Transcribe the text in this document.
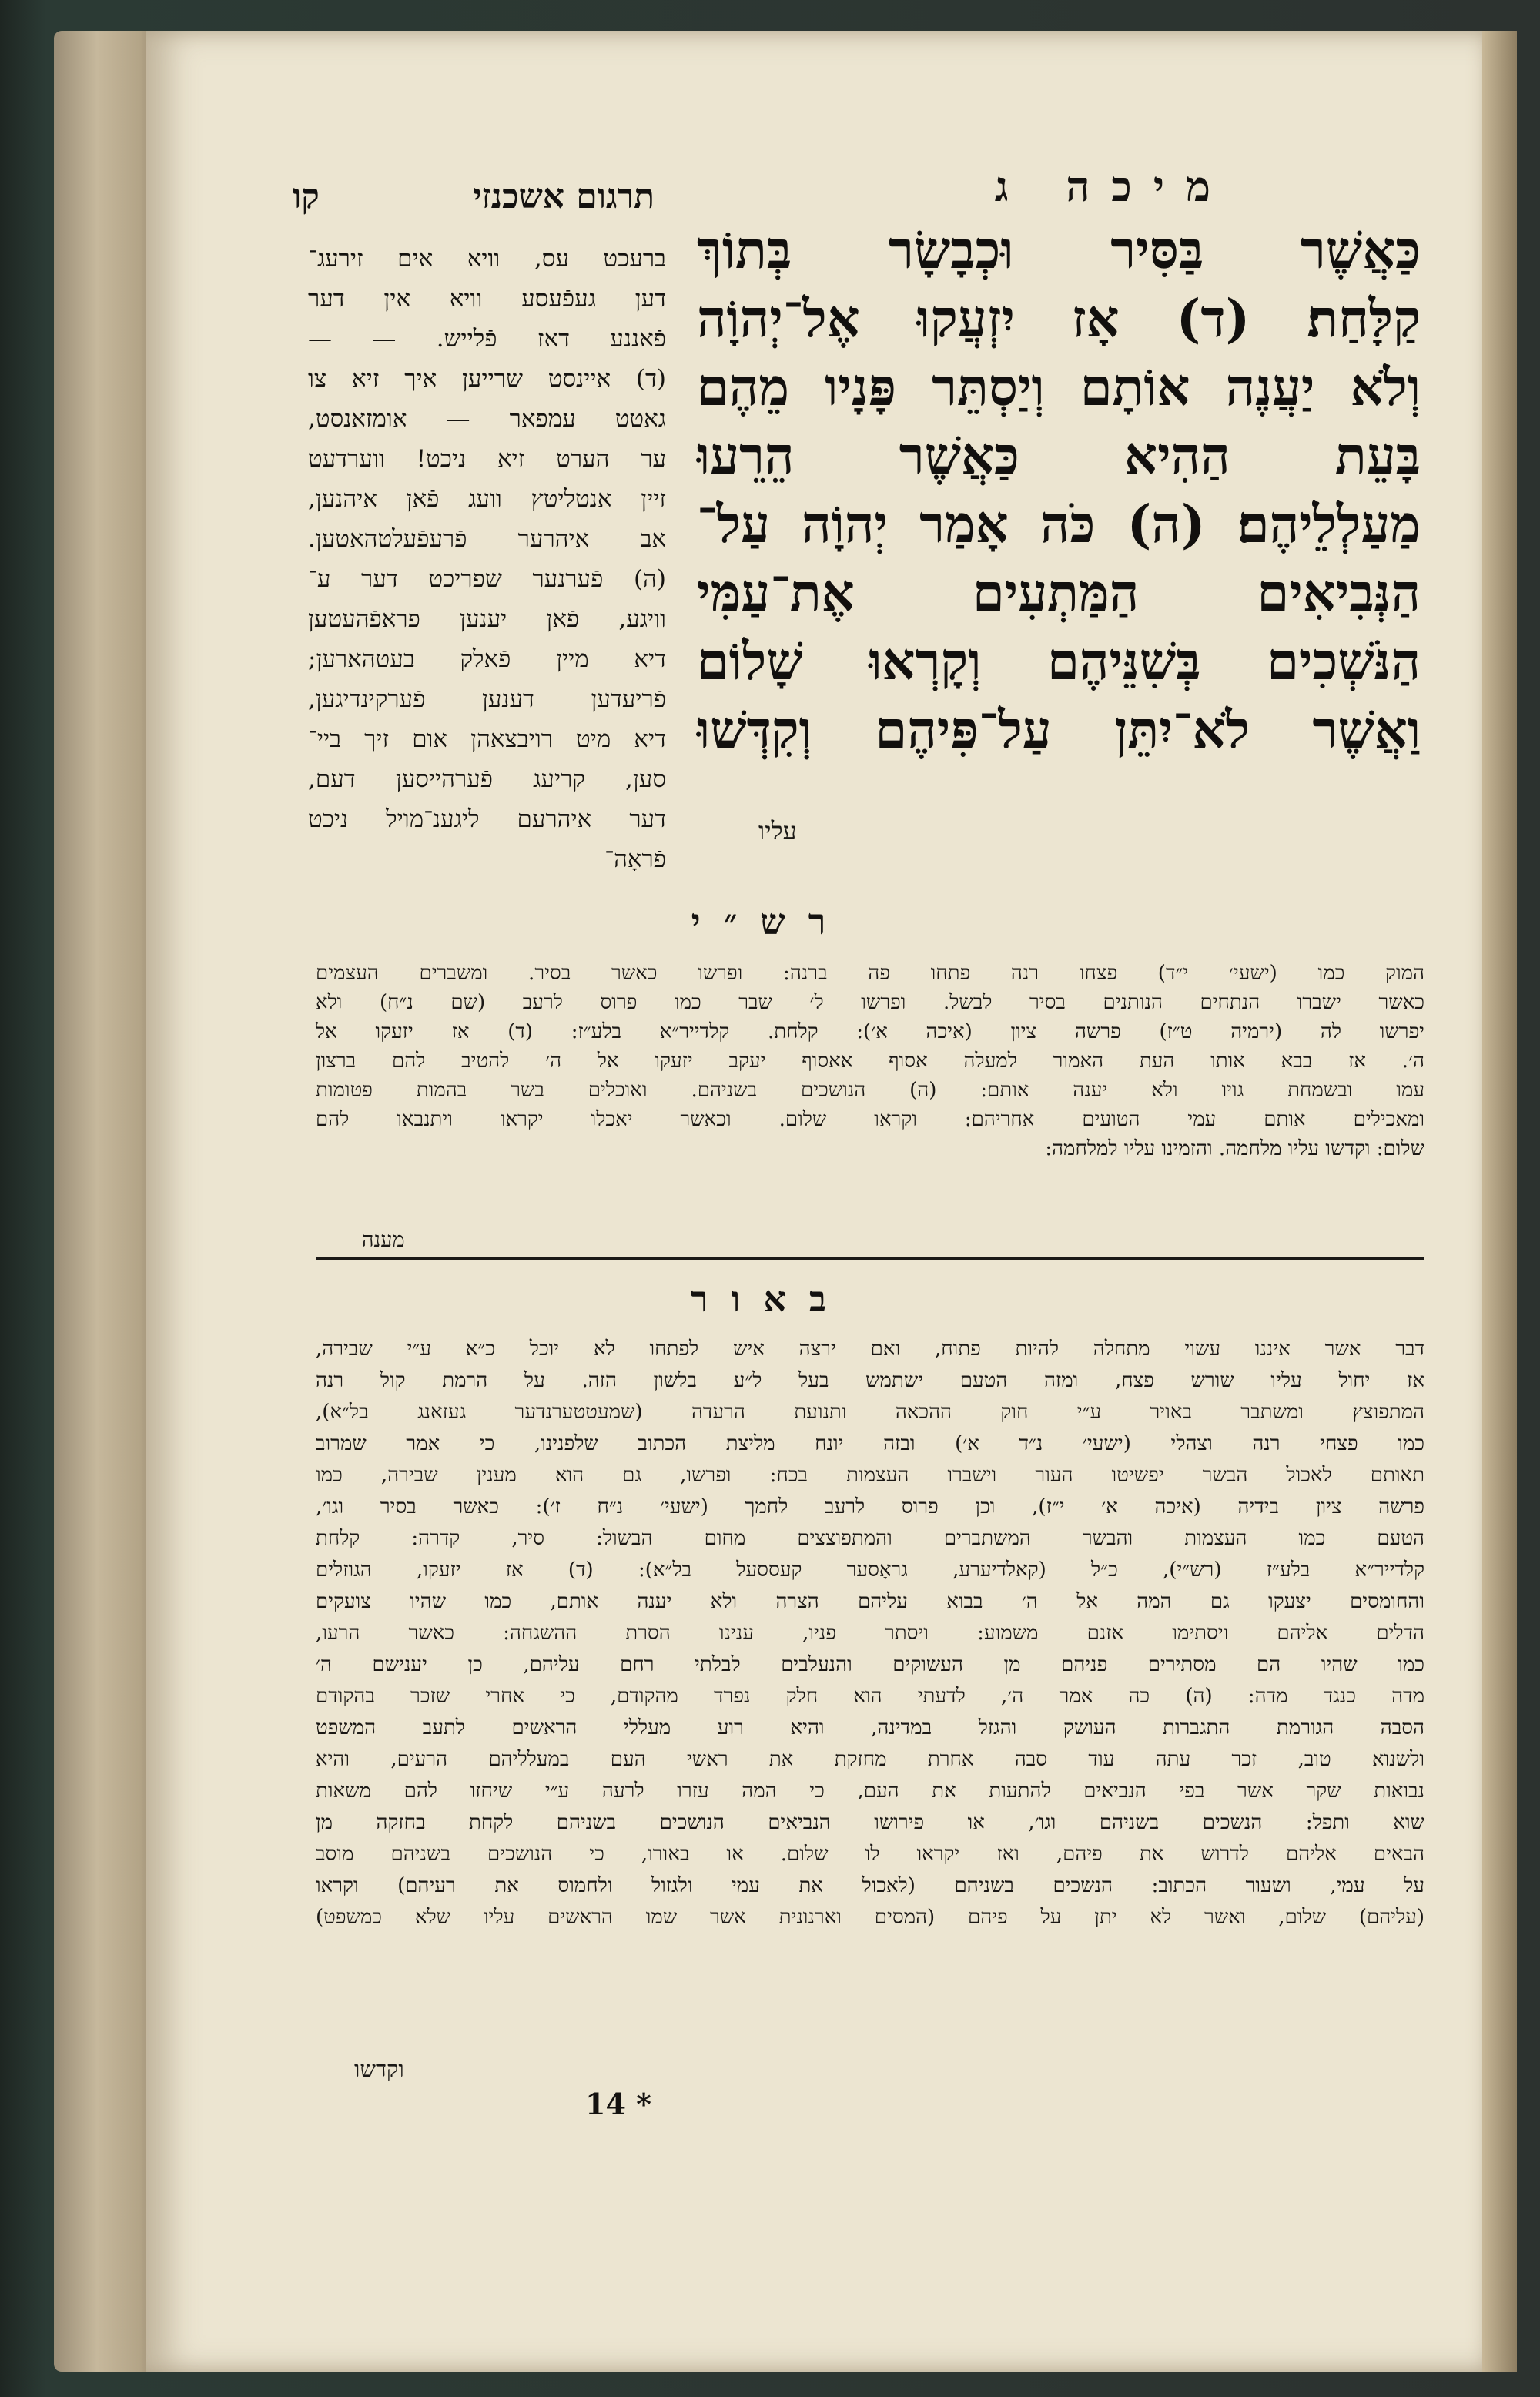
מיכה ג
תרגום אשכנזי
קו
כַּאֲשֶׁר בַּסִּיר וּכְבָשָׂר בְּתוֹךְ
קַלָּחַת׃ (ד) אָז יִזְעֲקוּ אֶל־יְהוָֹה
וְלֹא יַעֲנֶה אוֹתָם וְיַסְתֵּר פָּנָיו מֵהֶם
בָּעֵת הַהִיא כַּאֲשֶׁר הֵרֵעוּ
מַעַלְלֵיהֶם׃ (ה) כֹּה אָמַר יְהוָֹה עַל־
הַנְּבִיאִים הַמַּתְעִים אֶת־עַמִּי
הַנֹּשְׁכִים בְּשִׁנֵּיהֶם וְקָרְאוּ שָׁלוֹם
וַאֲשֶׁר לֹא־יִתֵּן עַל־פִּיהֶם וְקִדְּשׁוּ
עליו
ברעכט עס, וויא אים זירעג־
דען געפֿעסע וויא אין דער
פֿאננע דאז פֿלייש. — —
(ד) איינסט שרייען איך זיא צו
גאטט עמפאר — אומזאנסט,
ער הערט זיא ניכט! ווערדעט
זיין אנטליטץ וועג פֿאן איהנען,
אב איהרער פֿרעפֿעלטהאטען.
(ה) פֿערנער שפריכט דער ע־
וויגע, פֿאן יענען פראפֿהעטען
דיא מיין פֿאלק בעטהארען;
פֿריעדען דענען פֿערקינדיגען,
דיא מיט רויבצאהן אום זיך ביי־
סען, קריעג פֿערהייסען דעם,
דער איהרעם ליגענ־מויל ניכט
פֿראָה־
רש״י
המוק כמו (ישעי׳ י״ד) פצחו רנה פתחו פה ברנה: ופרשו כאשר בסיר. ומשברים העצמים
כאשר ישברו הנתחים הנותנים בסיר לבשל. ופרשו ל׳ שבר כמו פרוס לרעב (שם נ״ח) ולא
יפרשו לה (ירמיה ט״ז) פרשה ציון (איכה א׳): קלחת. קלדייר״א בלע״ז: (ד) אז יזעקו אל
ה׳. אז בבא אותו העת האמור למעלה אסוף אאסוף יעקב יזעקו אל ה׳ להטיב להם ברצון
עמו ובשמחת גויו ולא יענה אותם: (ה) הנושכים בשניהם. ואוכלים בשר בהמות פטומות
ומאכילים אותם עמי הטועים אחריהם: וקראו שלום. וכאשר יאכלו יקראו ויתנבאו להם
שלום: וקדשו עליו מלחמה. והזמינו עליו למלחמה:
מענה
באור
דבר אשר איננו עשוי מתחלה להיות פתוח, ואם ירצה איש לפתחו לא יוכל כ״א ע״י שבירה,
אז יחול עליו שורש פצח, ומזה הטעם ישתמש בעל ל״ע בלשון הזה. על הרמת קול רנה
המתפוצץ ומשתבר באויר ע״י חוק ההכאה ותנועת הרעדה (שמעטטערנדער געזאנג בל״א),
כמו פצחי רנה וצהלי (ישעי׳ נ״ד א׳) ובזה יונח מליצת הכתוב שלפנינו, כי אמר שמרוב
תאותם לאכול הבשר יפשיטו העור וישברו העצמות בכח: ופרשו, גם הוא מענין שבירה, כמו
פרשה ציון בידיה (איכה א׳ י״ז), וכן פרוס לרעב לחמך (ישעי׳ נ״ח ז׳): כאשר בסיר וגו׳,
הטעם כמו העצמות והבשר המשתברים והמתפוצצים מחום הבשול: סיר, קדרה: קלחת
קלדייר״א בלע״ז (רש״י), כ״ל (קאלדיערע, גראָסער קעססעל בל״א): (ד) אז יזעקו, הגוזלים
והחומסים יצעקו גם המה אל ה׳ בבוא עליהם הצרה ולא יענה אותם, כמו שהיו צועקים
הדלים אליהם ויסתימו אזנם משמוע: ויסתר פניו, ענינו הסרת ההשגחה: כאשר הרעו,
כמו שהיו הם מסתירים פניהם מן העשוקים והנעלבים לבלתי רחם עליהם, כן יענישם ה׳
מדה כנגד מדה: (ה) כה אמר ה׳, לדעתי הוא חלק נפרד מהקודם, כי אחרי שזכר בהקודם
הסבה הגורמת התגברות העושק והגזל במדינה, והיא רוע מעללי הראשים לתעב המשפט
ולשנוא טוב, זכר עתה עוד סבה אחרת מחזקת את ראשי העם במעלליהם הרעים, והיא
נבואות שקר אשר בפי הנביאים להתעות את העם, כי המה עזרו לרעה ע״י שיחזו להם משאות
שוא ותפל: הנשכים בשניהם וגו׳, או פירושו הנביאים הנושכים בשניהם לקחת בחזקה מן
הבאים אליהם לדרוש את פיהם, ואז יקראו לו שלום. או באורו, כי הנושכים בשניהם מוסב
על עמי, ושעור הכתוב: הנשכים בשניהם (לאכול את עמי ולגזול ולחמוס את רעיהם) וקראו
(עליהם) שלום, ואשר לא יתן על פיהם (המסים וארנונית אשר שמו הראשים עליו שלא כמשפט)
וקדשו
14 *
